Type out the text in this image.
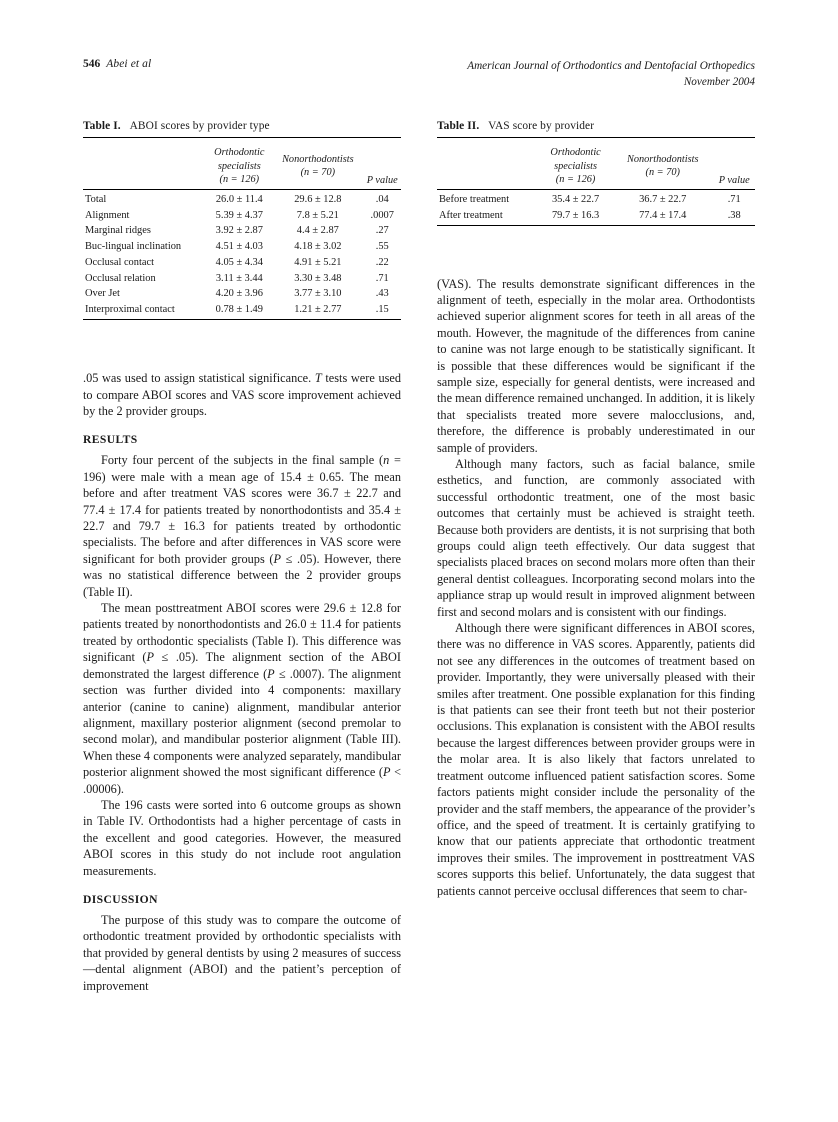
546 Abei et al	American Journal of Orthodontics and Dentofacial Orthopedics
November 2004
Table I. ABOI scores by provider type

Orthodontic
specialists
(n = 126)

Nonorthodontists
(n = 70)
	P value
Total	26.0 ± 11.4	29.6 ± 12.8	.04
Alignment	5.39 ± 4.37	7.8 ± 5.21	.0007
Marginal ridges	3.92 ± 2.87	4.4 ± 2.87	.27
Buc-lingual inclination	4.51 ± 4.03	4.18 ± 3.02	.55
Occlusal contact	4.05 ± 4.34	4.91 ± 5.21	.22
Occlusal relation	3.11 ± 3.44	3.30 ± 3.48	.71
Over Jet	4.20 ± 3.96	3.77 ± 3.10	.43
Interproximal contact	0.78 ± 1.49	1.21 ± 2.77	.15

.05 was used to assign statistical significance. T tests were used to compare ABOI scores and VAS score improvement achieved by the 2 provider groups.

RESULTS

Forty four percent of the subjects in the final sample (n = 196) were male with a mean age of 15.4 ± 0.65. The mean before and after treatment VAS scores were 36.7 ± 22.7 and 77.4 ± 17.4 for patients treated by nonorthodontists and 35.4 ± 22.7 and 79.7 ± 16.3 for patients treated by orthodontic specialists. The before and after differences in VAS score were significant for both provider groups (P ≤ .05). However, there was no statistical difference between the 2 provider groups (Table II).

The mean posttreatment ABOI scores were 29.6 ± 12.8 for patients treated by nonorthodontists and 26.0 ± 11.4 for patients treated by orthodontic specialists (Table I). This difference was significant (P ≤ .05). The alignment section of the ABOI demonstrated the largest difference (P ≤ .0007). The alignment section was further divided into 4 components: maxillary anterior (canine to canine) alignment, mandibular anterior alignment, maxillary posterior alignment (second premolar to second molar), and mandibular posterior alignment (Table III). When these 4 components were analyzed separately, mandibular posterior alignment showed the most significant difference (P < .00006).

The 196 casts were sorted into 6 outcome groups as shown in Table IV. Orthodontists had a higher percentage of casts in the excellent and good categories. However, the measured ABOI scores in this study do not include root angulation measurements.

DISCUSSION

The purpose of this study was to compare the outcome of orthodontic treatment provided by orthodontic specialists with that provided by general dentists by using 2 measures of success—dental alignment (ABOI) and the patient’s perception of improvement

Table II. VAS score by provider

Orthodontic
specialists
(n = 126)

Nonorthodontists
(n = 70)
	P value
Before treatment	35.4 ± 22.7	36.7 ± 22.7	.71
After treatment	79.7 ± 16.3	77.4 ± 17.4	.38

(VAS). The results demonstrate significant differences in the alignment of teeth, especially in the molar area. Orthodontists achieved superior alignment scores for teeth in all areas of the mouth. However, the magnitude of the differences from canine to canine was not large enough to be statistically significant. It is possible that these differences would be significant if the sample size, especially for general dentists, were increased and the mean difference remained unchanged. In addition, it is likely that specialists treated more severe malocclusions, and, therefore, the difference is probably underestimated in our sample of providers.

Although many factors, such as facial balance, smile esthetics, and function, are commonly associated with successful orthodontic treatment, one of the most basic outcomes that certainly must be achieved is straight teeth. Because both providers are dentists, it is not surprising that both groups could align teeth effectively. Our data suggest that specialists placed braces on second molars more often than their general dentist colleagues. Incorporating second molars into the appliance strap up would result in improved alignment between first and second molars and is consistent with our findings.

Although there were significant differences in ABOI scores, there was no difference in VAS scores. Apparently, patients did not see any differences in the outcomes of treatment based on provider. Importantly, they were universally pleased with their smiles after treatment. One possible explanation for this finding is that patients can see their front teeth but not their posterior occlusions. This explanation is consistent with the ABOI results because the largest differences between provider groups were in the molar area. It is also likely that factors unrelated to treatment outcome influenced patient satisfaction scores. Some factors patients might consider include the personality of the provider and the staff members, the appearance of the provider’s office, and the speed of treatment. It is certainly gratifying to know that our patients appreciate that orthodontic treatment improves their smiles. The improvement in posttreatment VAS scores supports this belief. Unfortunately, the data suggest that patients cannot perceive occlusal differences that seem to char-
